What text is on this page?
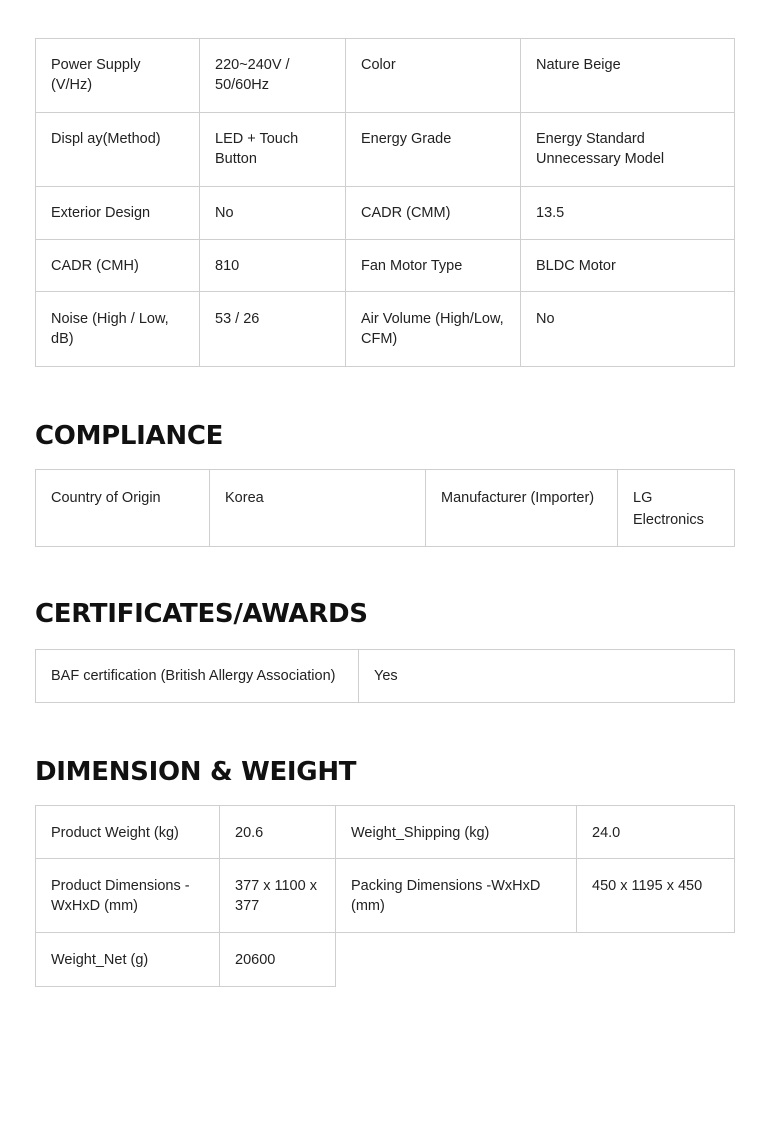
Power Supply (V/Hz)	220~240V / 50/60Hz	Color	Nature Beige
Displ ay(Method)	LED + Touch Button	Energy Grade	Energy Standard Unnecessary Model
Exterior Design	No	CADR (CMM)	13.5
CADR (CMH)	810	Fan Motor Type	BLDC Motor
Noise (High / Low, dB)	53 / 26	Air Volume (High/Low, CFM)	No
COMPLIANCE
Country of Origin	Korea	Manufacturer (Importer)	LG Electronics
CERTIFICATES/AWARDS
BAF certification (British Allergy Association)	Yes
DIMENSION & WEIGHT
Product Weight (kg)	20.6	Weight_Shipping (kg)	24.0
Product Dimensions - WxHxD (mm)	377 x 1100 x 377	Packing Dimensions -WxHxD (mm)	450 x 1195 x 450
Weight_Net (g)	20600		
